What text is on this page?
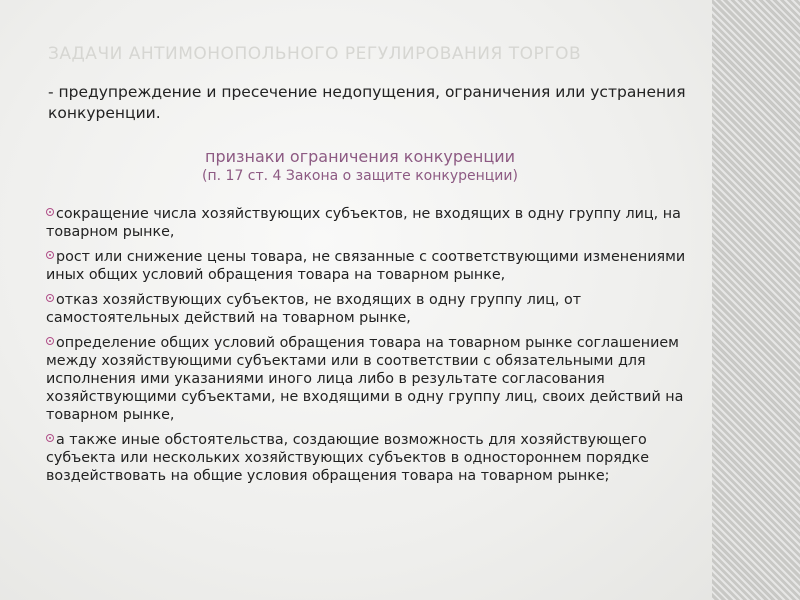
ЗАДАЧИ АНТИМОНОПОЛЬНОГО РЕГУЛИРОВАНИЯ ТОРГОВ

- предупреждение и пресечение недопущения, ограничения или устранения конкуренции.

признаки ограничения конкуренции
(п. 17 ст. 4 Закона о защите конкуренции)
сокращение числа хозяйствующих субъектов, не входящих в одну группу лиц, на товарном рынке,
рост или снижение цены товара, не связанные с соответствующими изменениями иных общих условий обращения товара на товарном рынке,
отказ хозяйствующих субъектов, не входящих в одну группу лиц, от самостоятельных действий на товарном рынке,
определение общих условий обращения товара на товарном рынке соглашением между хозяйствующими субъектами или в соответствии с обязательными для исполнения ими указаниями иного лица либо в результате согласования хозяйствующими субъектами, не входящими в одну группу лиц, своих действий на товарном рынке,
а также иные обстоятельства, создающие возможность для хозяйствующего субъекта или нескольких хозяйствующих субъектов в одностороннем порядке воздействовать на общие условия обращения товара на товарном рынке;
